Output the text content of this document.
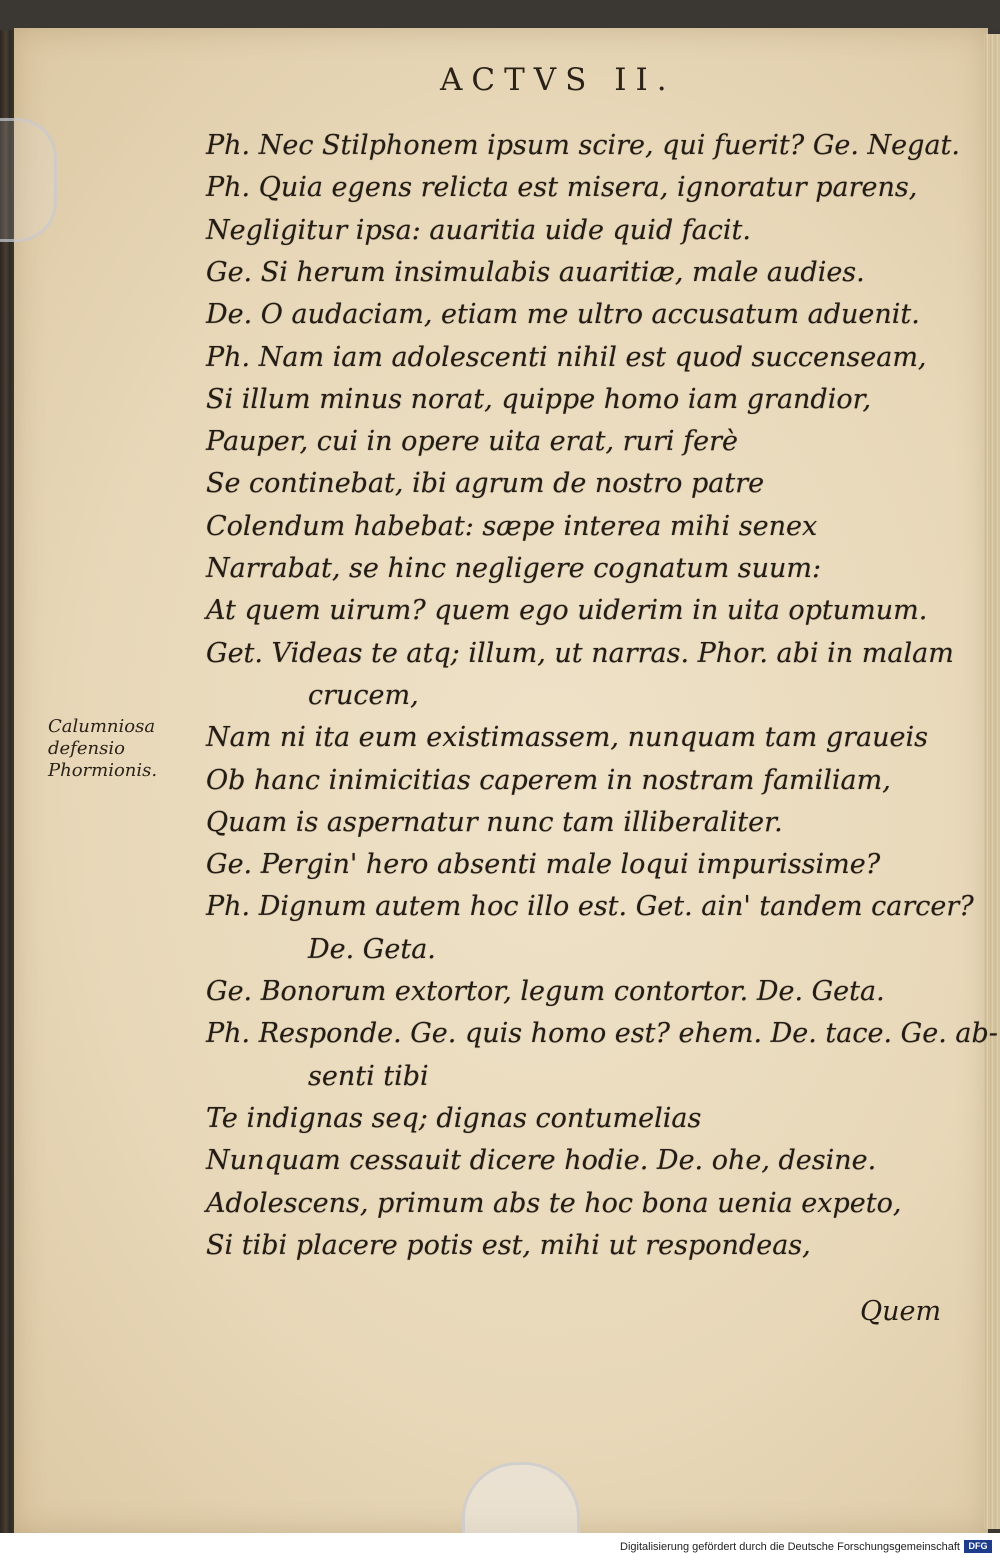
ACTVS II.
Ph. Nec Stilphonem ipsum scire, qui fuerit? Ge. Negat.
Ph. Quia egens relicta est misera, ignoratur parens,
Negligitur ipsa: auaritia uide quid facit.
Ge. Si herum insimulabis auaritiæ, male audies.
De. O audaciam, etiam me ultro accusatum aduenit.
Ph. Nam iam adolescenti nihil est quod succenseam,
Si illum minus norat, quippe homo iam grandior,
Pauper, cui in opere uita erat, ruri ferè
Se continebat, ibi agrum de nostro patre
Colendum habebat: sæpe interea mihi senex
Narrabat, se hinc negligere cognatum suum:
At quem uirum? quem ego uiderim in uita optumum.
Get. Videas te atq; illum, ut narras. Phor. abi in malam
crucem,
Nam ni ita eum existimassem, nunquam tam graueis
Ob hanc inimicitias caperem in nostram familiam,
Quam is aspernatur nunc tam illiberaliter.
Ge. Pergin' hero absenti male loqui impurissime?
Ph. Dignum autem hoc illo est. Get. ain' tandem carcer?
De. Geta.
Ge. Bonorum extortor, legum contortor. De. Geta.
Ph. Responde. Ge. quis homo est? ehem. De. tace. Ge. ab-
senti tibi
Te indignas seq; dignas contumelias
Nunquam cessauit dicere hodie. De. ohe, desine.
Adolescens, primum abs te hoc bona uenia expeto,
Si tibi placere potis est, mihi ut respondeas,
Calumniosa
defensio
Phormionis.
Quem
Digitalisierung gefördert durch die Deutsche Forschungsgemeinschaft DFG
